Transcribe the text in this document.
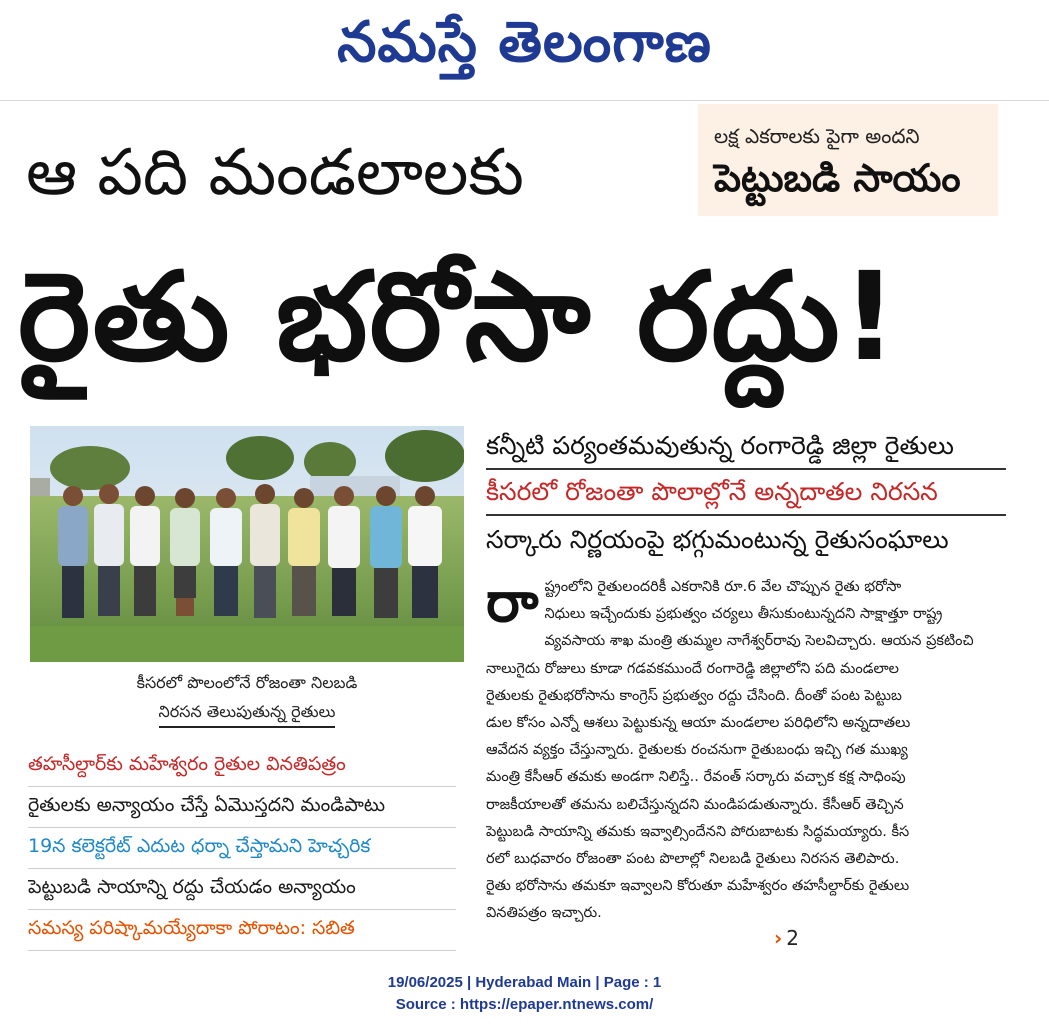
నమస్తే తెలంగాణ
ఆ పది మండలాలకు	లక్ష ఎకరాలకు పైగా అందని
పెట్టుబడి సాయం
రైతు భరోసా రద్దు!
కీసరలో పొలంలోనే రోజంతా నిలబడి
నిరసన తెలుపుతున్న రైతులు
తహసీల్దార్‌కు మహేశ్వరం రైతుల వినతిపత్రం
రైతులకు అన్యాయం చేస్తే ఏమొస్తదని మండిపాటు
19న కలెక్టరేట్ ఎదుట ధర్నా చేస్తామని హెచ్చరిక
పెట్టుబడి సాయాన్ని రద్దు చేయడం అన్యాయం
సమస్య పరిష్కామయ్యేదాకా పోరాటం: సబిత
కన్నీటి పర్యంతమవుతున్న రంగారెడ్డి జిల్లా రైతులు
కీసరలో రోజంతా పొలాల్లోనే అన్నదాతల నిరసన
సర్కారు నిర్ణయంపై భగ్గుమంటున్న రైతుసంఘాలు
రా ష్ట్రంలోని రైతులందరికీ ఎకరానికి రూ.6 వేల చొప్పున రైతు భరోసా
నిధులు ఇచ్చేందుకు ప్రభుత్వం చర్యలు తీసుకుంటున్నదని సాక్షాత్తూ రాష్ట్ర
వ్యవసాయ శాఖ మంత్రి తుమ్మల నాగేశ్వర్‌రావు సెలవిచ్చారు. ఆయన ప్రకటించి
నాలుగైదు రోజులు కూడా గడవకముందే రంగారెడ్డి జిల్లాలోని పది మండలాల
రైతులకు రైతుభరోసాను కాంగ్రెస్ ప్రభుత్వం రద్దు చేసింది. దీంతో పంట పెట్టుబ
డుల కోసం ఎన్నో ఆశలు పెట్టుకున్న ఆయా మండలాల పరిధిలోని అన్నదాతలు
ఆవేదన వ్యక్తం చేస్తున్నారు. రైతులకు రంచనుగా రైతుబంధు ఇచ్చి గత ముఖ్య
మంత్రి కేసీఆర్ తమకు అండగా నిలిస్తే.. రేవంత్ సర్కారు వచ్చాక కక్ష సాధింపు
రాజకీయాలతో తమను బలిచేస్తున్నదని మండిపడుతున్నారు. కేసీఆర్ తెచ్చిన
పెట్టుబడి సాయాన్ని తమకు ఇవ్వాల్సిందేనని పోరుబాటకు సిద్ధమయ్యారు. కీస
రలో బుధవారం రోజంతా పంట పొలాల్లో నిలబడి రైతులు నిరసన తెలిపారు.
రైతు భరోసాను తమకూ ఇవ్వాలని కోరుతూ మహేశ్వరం తహసీల్దార్‌కు రైతులు
వినతిపత్రం ఇచ్చారు.
› 2
19/06/2025 | Hyderabad Main | Page : 1
Source : https://epaper.ntnews.com/
